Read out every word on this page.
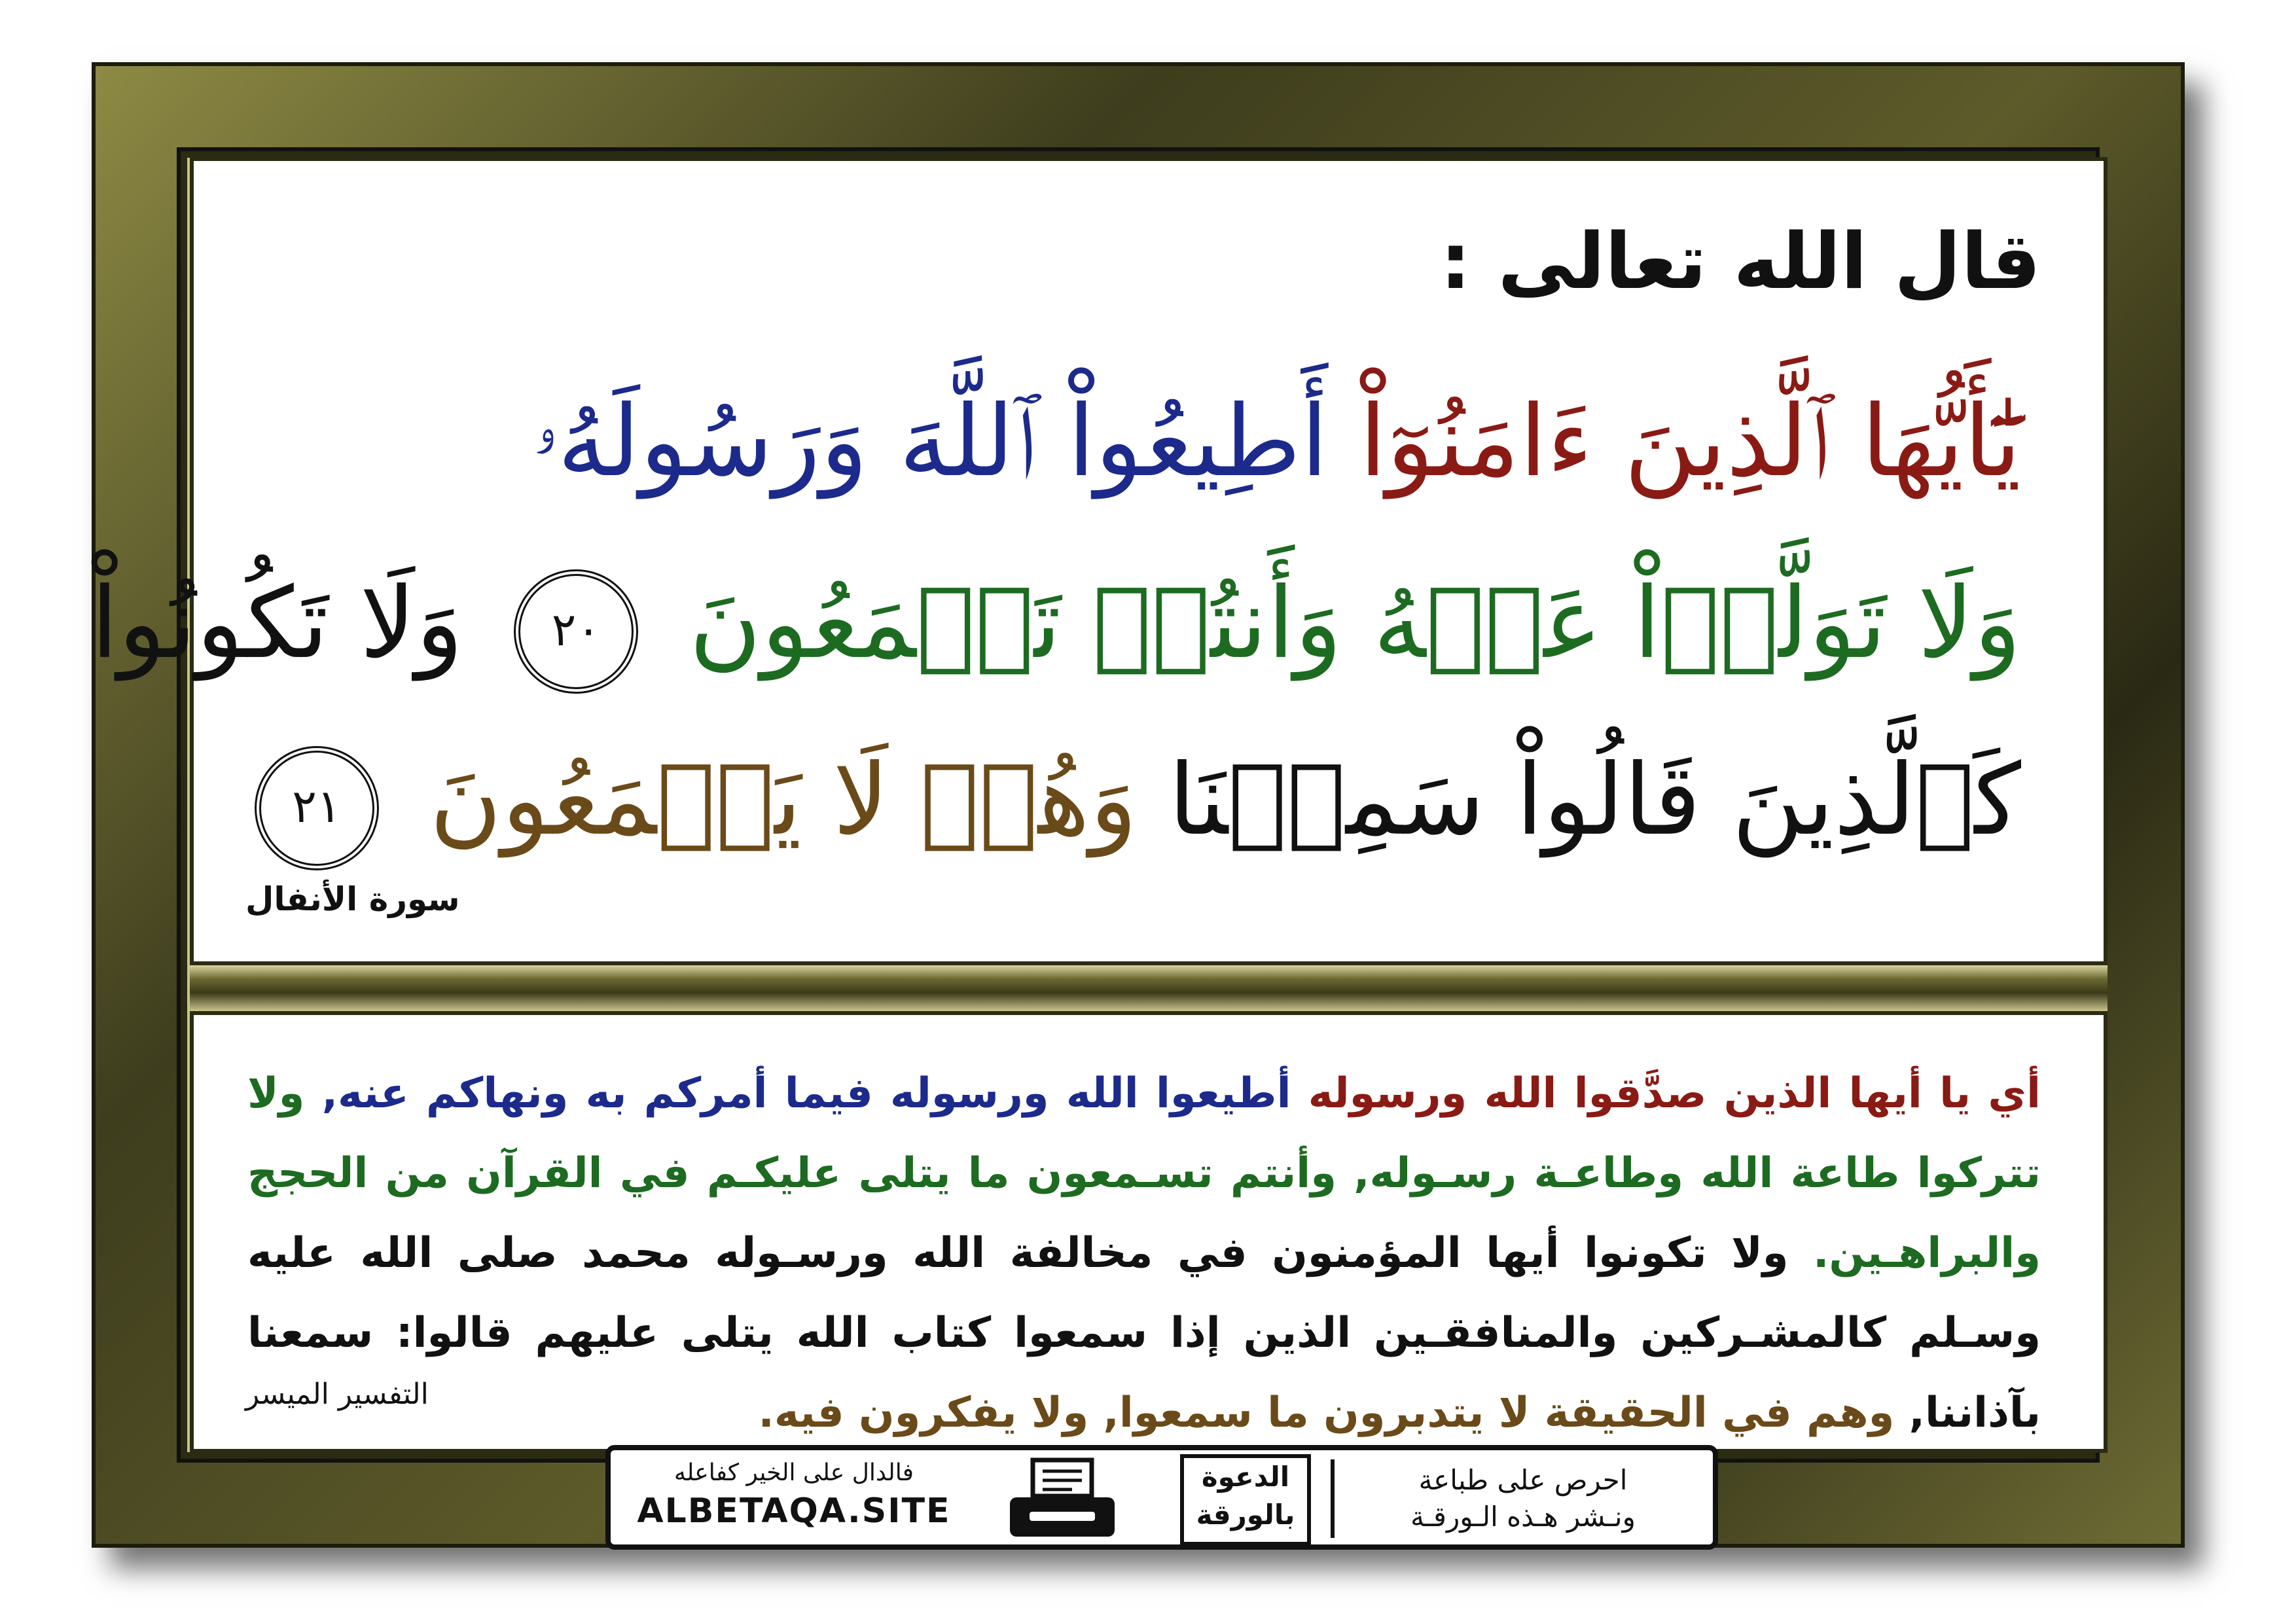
قال الله تعالى :
يَٰٓأَيُّهَا ٱلَّذِينَ ءَامَنُوٓاْ أَطِيعُواْ ٱللَّهَ وَرَسُولَهُۥ
وَلَا تَوَلَّوۡاْ عَنۡهُ وَأَنتُمۡ تَسۡمَعُونَ ٢٠ وَلَا تَكُونُواْ
كَٱلَّذِينَ قَالُواْ سَمِعۡنَا وَهُمۡ لَا يَسۡمَعُونَ ٢١
سورة الأنفال
أي يا أيها الذين صدَّقوا الله ورسوله أطيعوا الله ورسوله فيما أمركم به ونهاكم عنه, ولا تتركوا طاعة الله وطاعـة رسـوله, وأنتم تسـمعون ما يتلى عليكـم في القرآن من الحجج والبراهـين. ولا تكونوا أيها المؤمنون في مخالفة الله ورسـوله محمد صلى الله عليه وسـلم كالمشـركين والمنافقـين الذين إذا سمعوا كتاب الله يتلى عليهم قالوا: سمعنا بآذاننا, وهم في الحقيقة لا يتدبرون ما سمعوا, ولا يفكرون فيه.
التفسير الميسر
فالدال على الخير كفاعله
ALBETAQA.SITE
الدعوة بالورقة
احرص على طباعة
ونـشر هـذه الـورقـة
